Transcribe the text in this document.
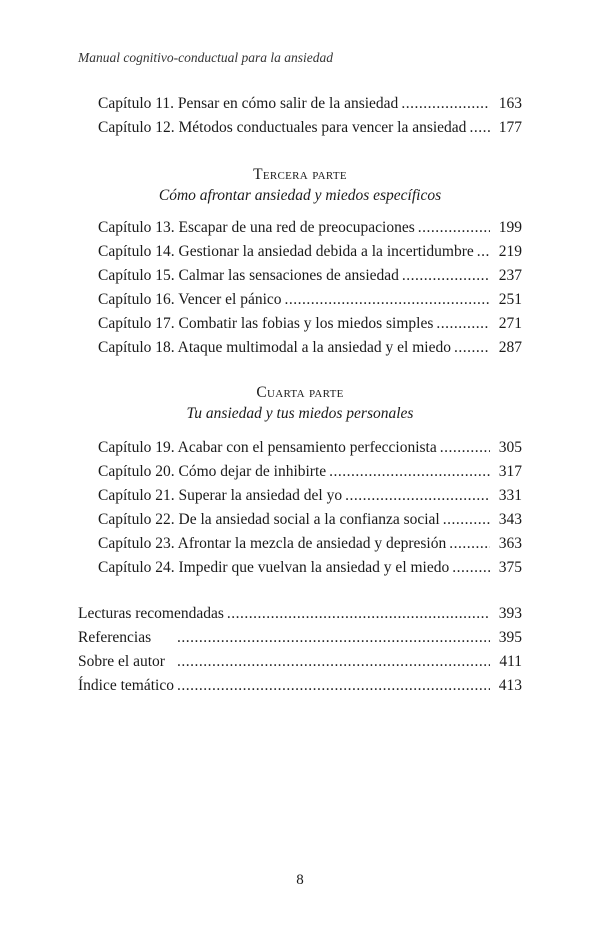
Manual cognitivo-conductual para la ansiedad
Capítulo 11. Pensar en cómo salir de la ansiedad .....	163
Capítulo 12. Métodos conductuales para vencer la ansiedad ..... 177
Tercera parte
Cómo afrontar ansiedad y miedos específicos
Capítulo 13. Escapar de una red de preocupaciones .....	199
Capítulo 14. Gestionar la ansiedad debida a la incertidumbre ..... 219
Capítulo 15. Calmar las sensaciones de ansiedad .....	237
Capítulo 16. Vencer el pánico .....	251
Capítulo 17. Combatir las fobias y los miedos simples .....	271
Capítulo 18. Ataque multimodal a la ansiedad y el miedo .....	287
Cuarta parte
Tu ansiedad y tus miedos personales
Capítulo 19. Acabar con el pensamiento perfeccionista .....	305
Capítulo 20. Cómo dejar de inhibirte .....	317
Capítulo 21. Superar la ansiedad del yo .....	331
Capítulo 22. De la ansiedad social a la confianza social .....	343
Capítulo 23. Afrontar la mezcla de ansiedad y depresión .....	363
Capítulo 24. Impedir que vuelvan la ansiedad y el miedo .....	375
Lecturas recomendadas .....	393
Referencias .....	395
Sobre el autor .....	411
Índice temático .....	413
8
